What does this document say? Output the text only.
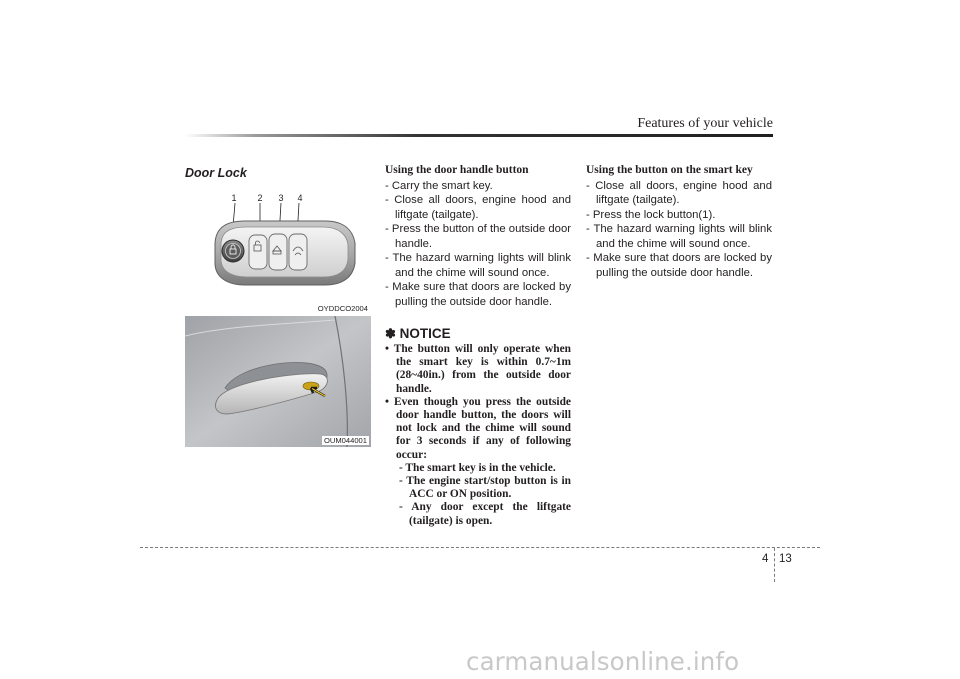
Features of your vehicle
Door Lock
1 2 3 4
OYDDCO2004
OUM044001
Using the door handle button

- Carry the smart key.

- Close all doors, engine hood and liftgate (tailgate).

- Press the button of the outside door handle.

- The hazard warning lights will blink and the chime will sound once.

- Make sure that doors are locked by pulling the outside door handle.

✽ NOTICE

• The button will only operate when the smart key is within 0.7~1m (28~40in.) from the outside door handle.

• Even though you press the outside door handle button, the doors will not lock and the chime will sound for 3 seconds if any of following occur:

- The smart key is in the vehicle.

- The engine start/stop button is in ACC or ON position.

- Any door except the liftgate (tailgate) is open.

Using the button on the smart key

- Close all doors, engine hood and liftgate (tailgate).

- Press the lock button(1).

- The hazard warning lights will blink and the chime will sound once.

- Make sure that doors are locked by pulling the outside door handle.

4 13
carmanualsonline.info
